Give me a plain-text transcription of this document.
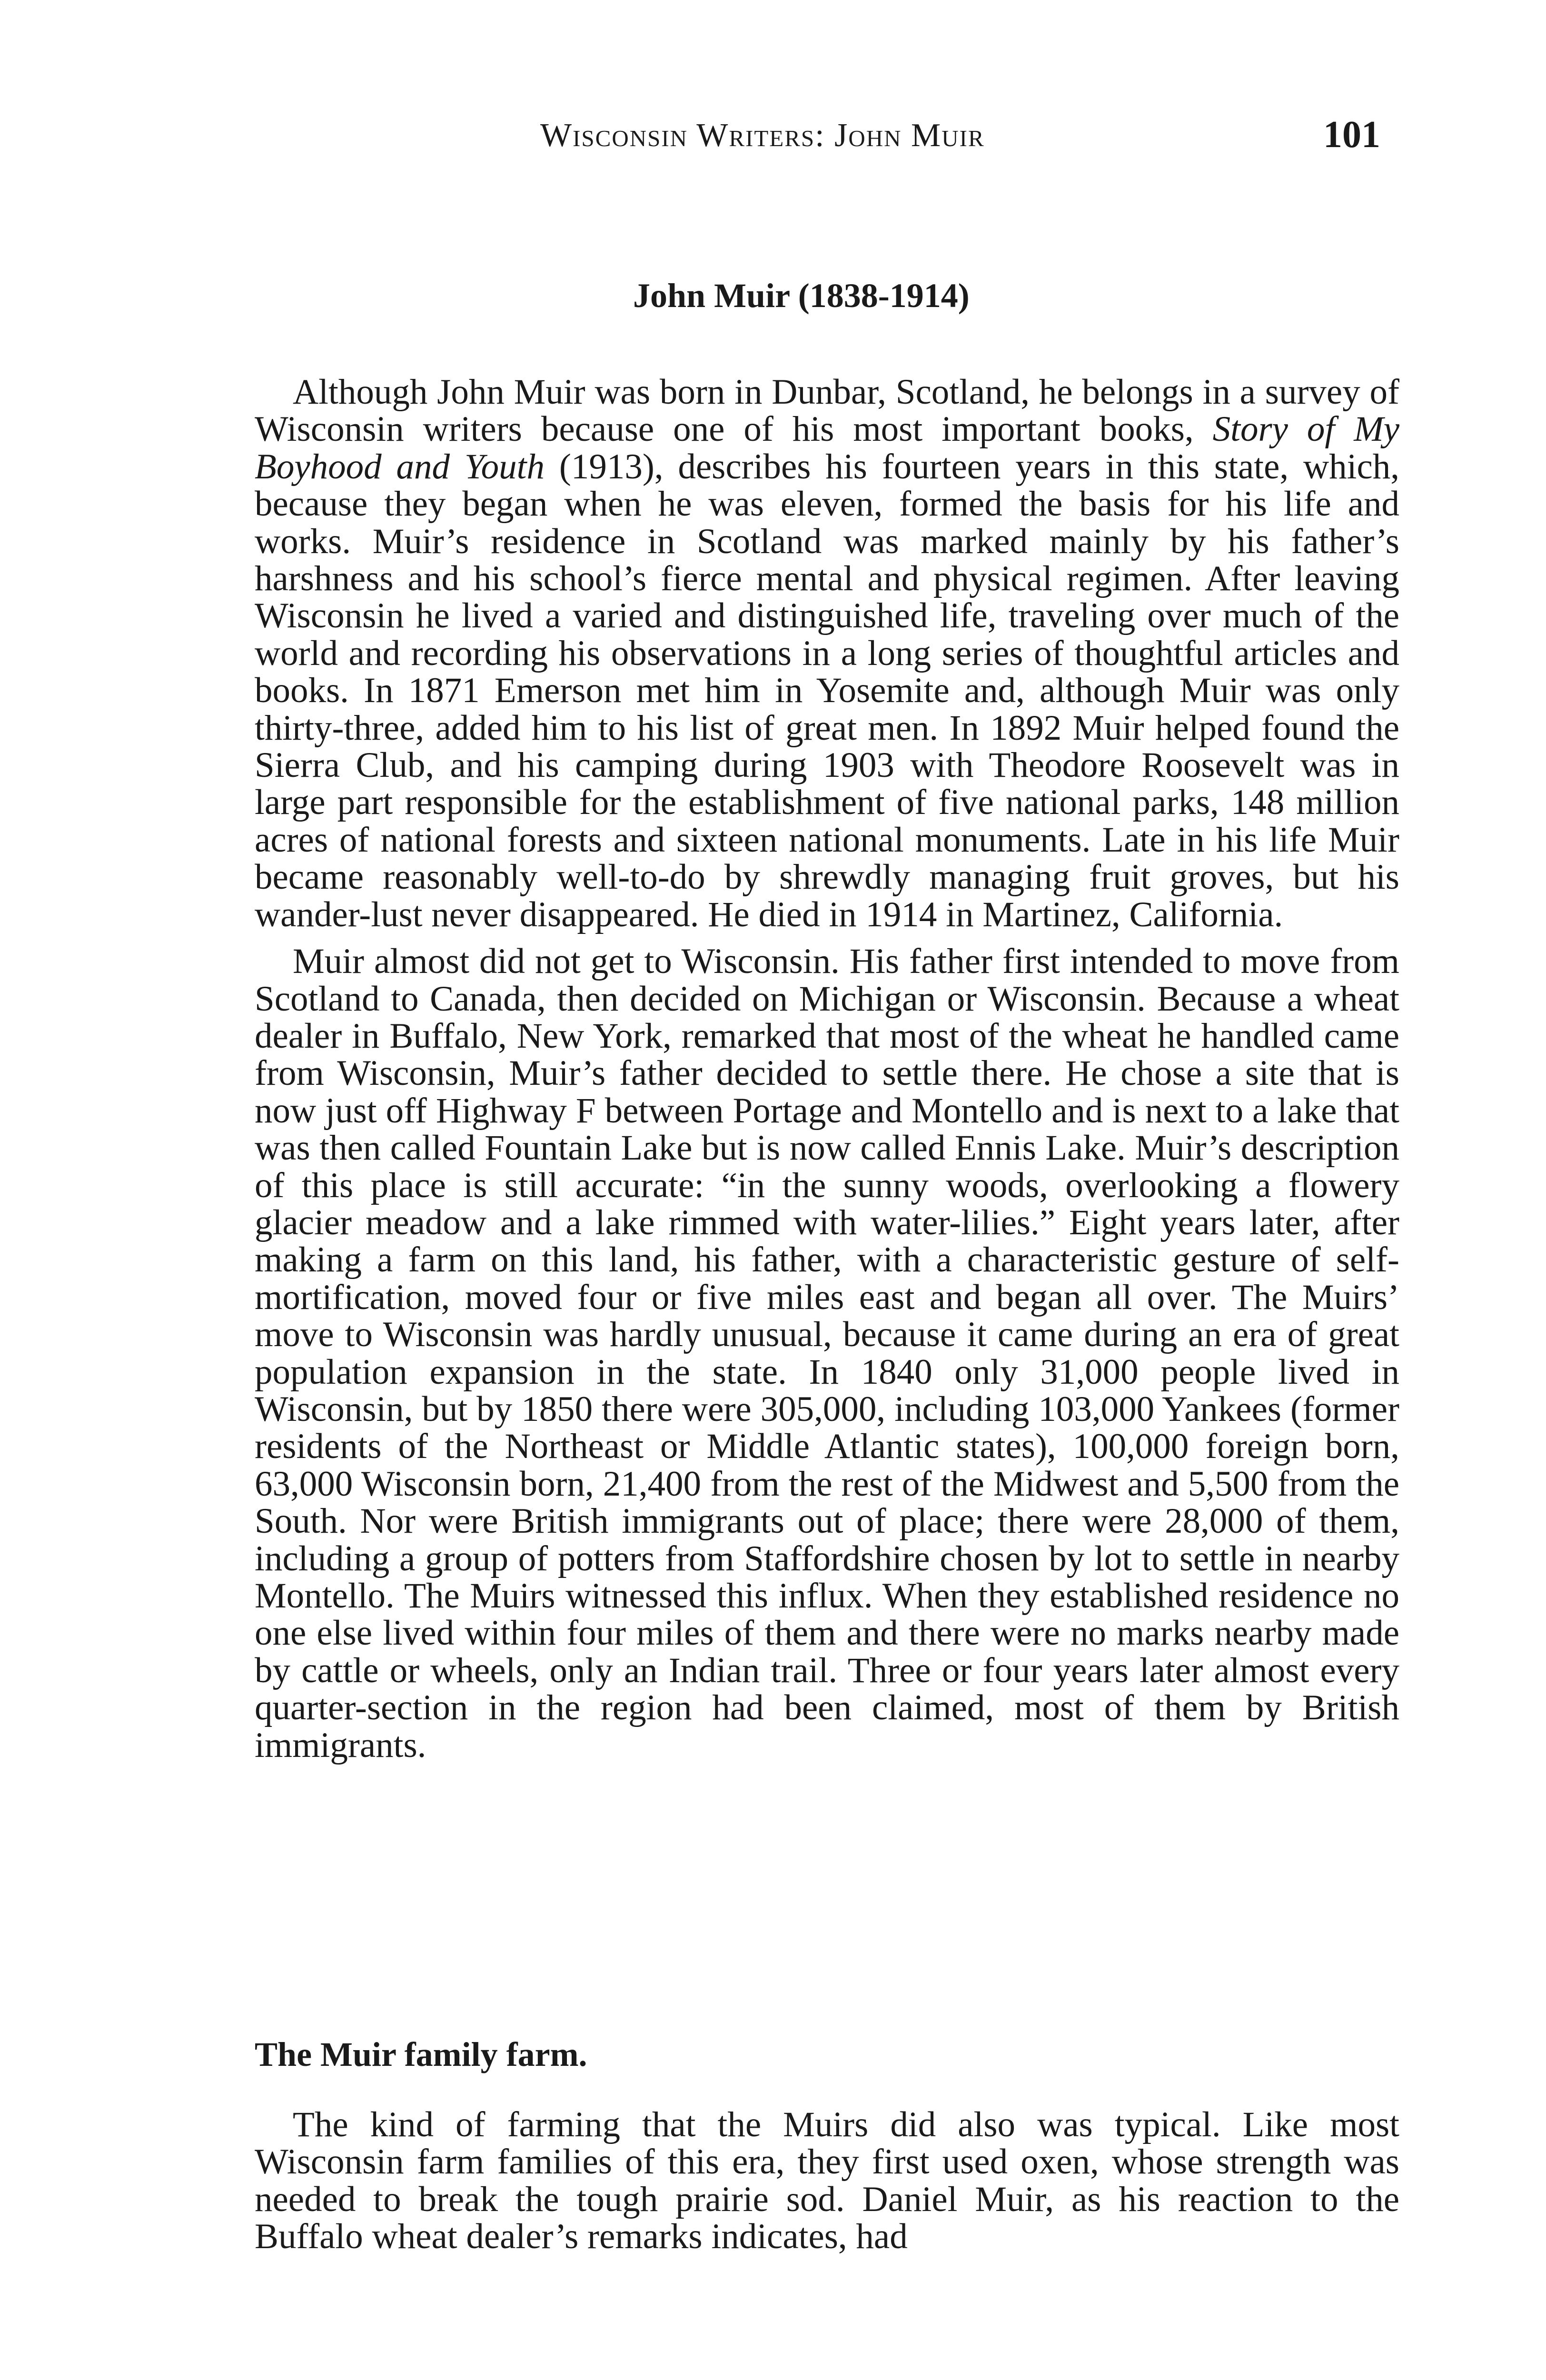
Wisconsin Writers: John Muir	101
John Muir (1838-1914)

Although John Muir was born in Dunbar, Scotland, he belongs in a survey of Wisconsin writers because one of his most important books, Story of My Boyhood and Youth (1913), describes his fourteen years in this state, which, because they began when he was eleven, formed the basis for his life and works. Muir’s residence in Scotland was marked mainly by his father’s harshness and his school’s fierce mental and physical regimen. After leaving Wisconsin he lived a varied and distinguished life, traveling over much of the world and recording his observations in a long series of thoughtful articles and books. In 1871 Emerson met him in Yosemite and, although Muir was only thirty-three, added him to his list of great men. In 1892 Muir helped found the Sierra Club, and his camping during 1903 with Theodore Roosevelt was in large part responsible for the establishment of five national parks, 148 million acres of national forests and sixteen national monuments. Late in his life Muir became reasonably well-to-do by shrewdly managing fruit groves, but his wander-lust never disappeared. He died in 1914 in Martinez, California.

Muir almost did not get to Wisconsin. His father first intended to move from Scotland to Canada, then decided on Michigan or Wisconsin. Because a wheat dealer in Buffalo, New York, remarked that most of the wheat he handled came from Wisconsin, Muir’s father decided to settle there. He chose a site that is now just off Highway F between Portage and Montello and is next to a lake that was then called Fountain Lake but is now called Ennis Lake. Muir’s description of this place is still accurate: “in the sunny woods, overlooking a flowery glacier meadow and a lake rimmed with water-lilies.” Eight years later, after making a farm on this land, his father, with a characteristic gesture of self-mortification, moved four or five miles east and began all over. The Muirs’ move to Wisconsin was hardly unusual, because it came during an era of great population expansion in the state. In 1840 only 31,000 people lived in Wisconsin, but by 1850 there were 305,000, including 103,000 Yankees (former residents of the Northeast or Middle Atlantic states), 100,000 foreign born, 63,000 Wisconsin born, 21,400 from the rest of the Midwest and 5,500 from the South. Nor were British immigrants out of place; there were 28,000 of them, including a group of potters from Staffordshire chosen by lot to settle in nearby Montello. The Muirs witnessed this influx. When they established residence no one else lived within four miles of them and there were no marks nearby made by cattle or wheels, only an Indian trail. Three or four years later almost every quarter-section in the region had been claimed, most of them by British immigrants.

The Muir family farm.

The kind of farming that the Muirs did also was typical. Like most Wisconsin farm families of this era, they first used oxen, whose strength was needed to break the tough prairie sod. Daniel Muir, as his reaction to the Buffalo wheat dealer’s remarks indicates, had
